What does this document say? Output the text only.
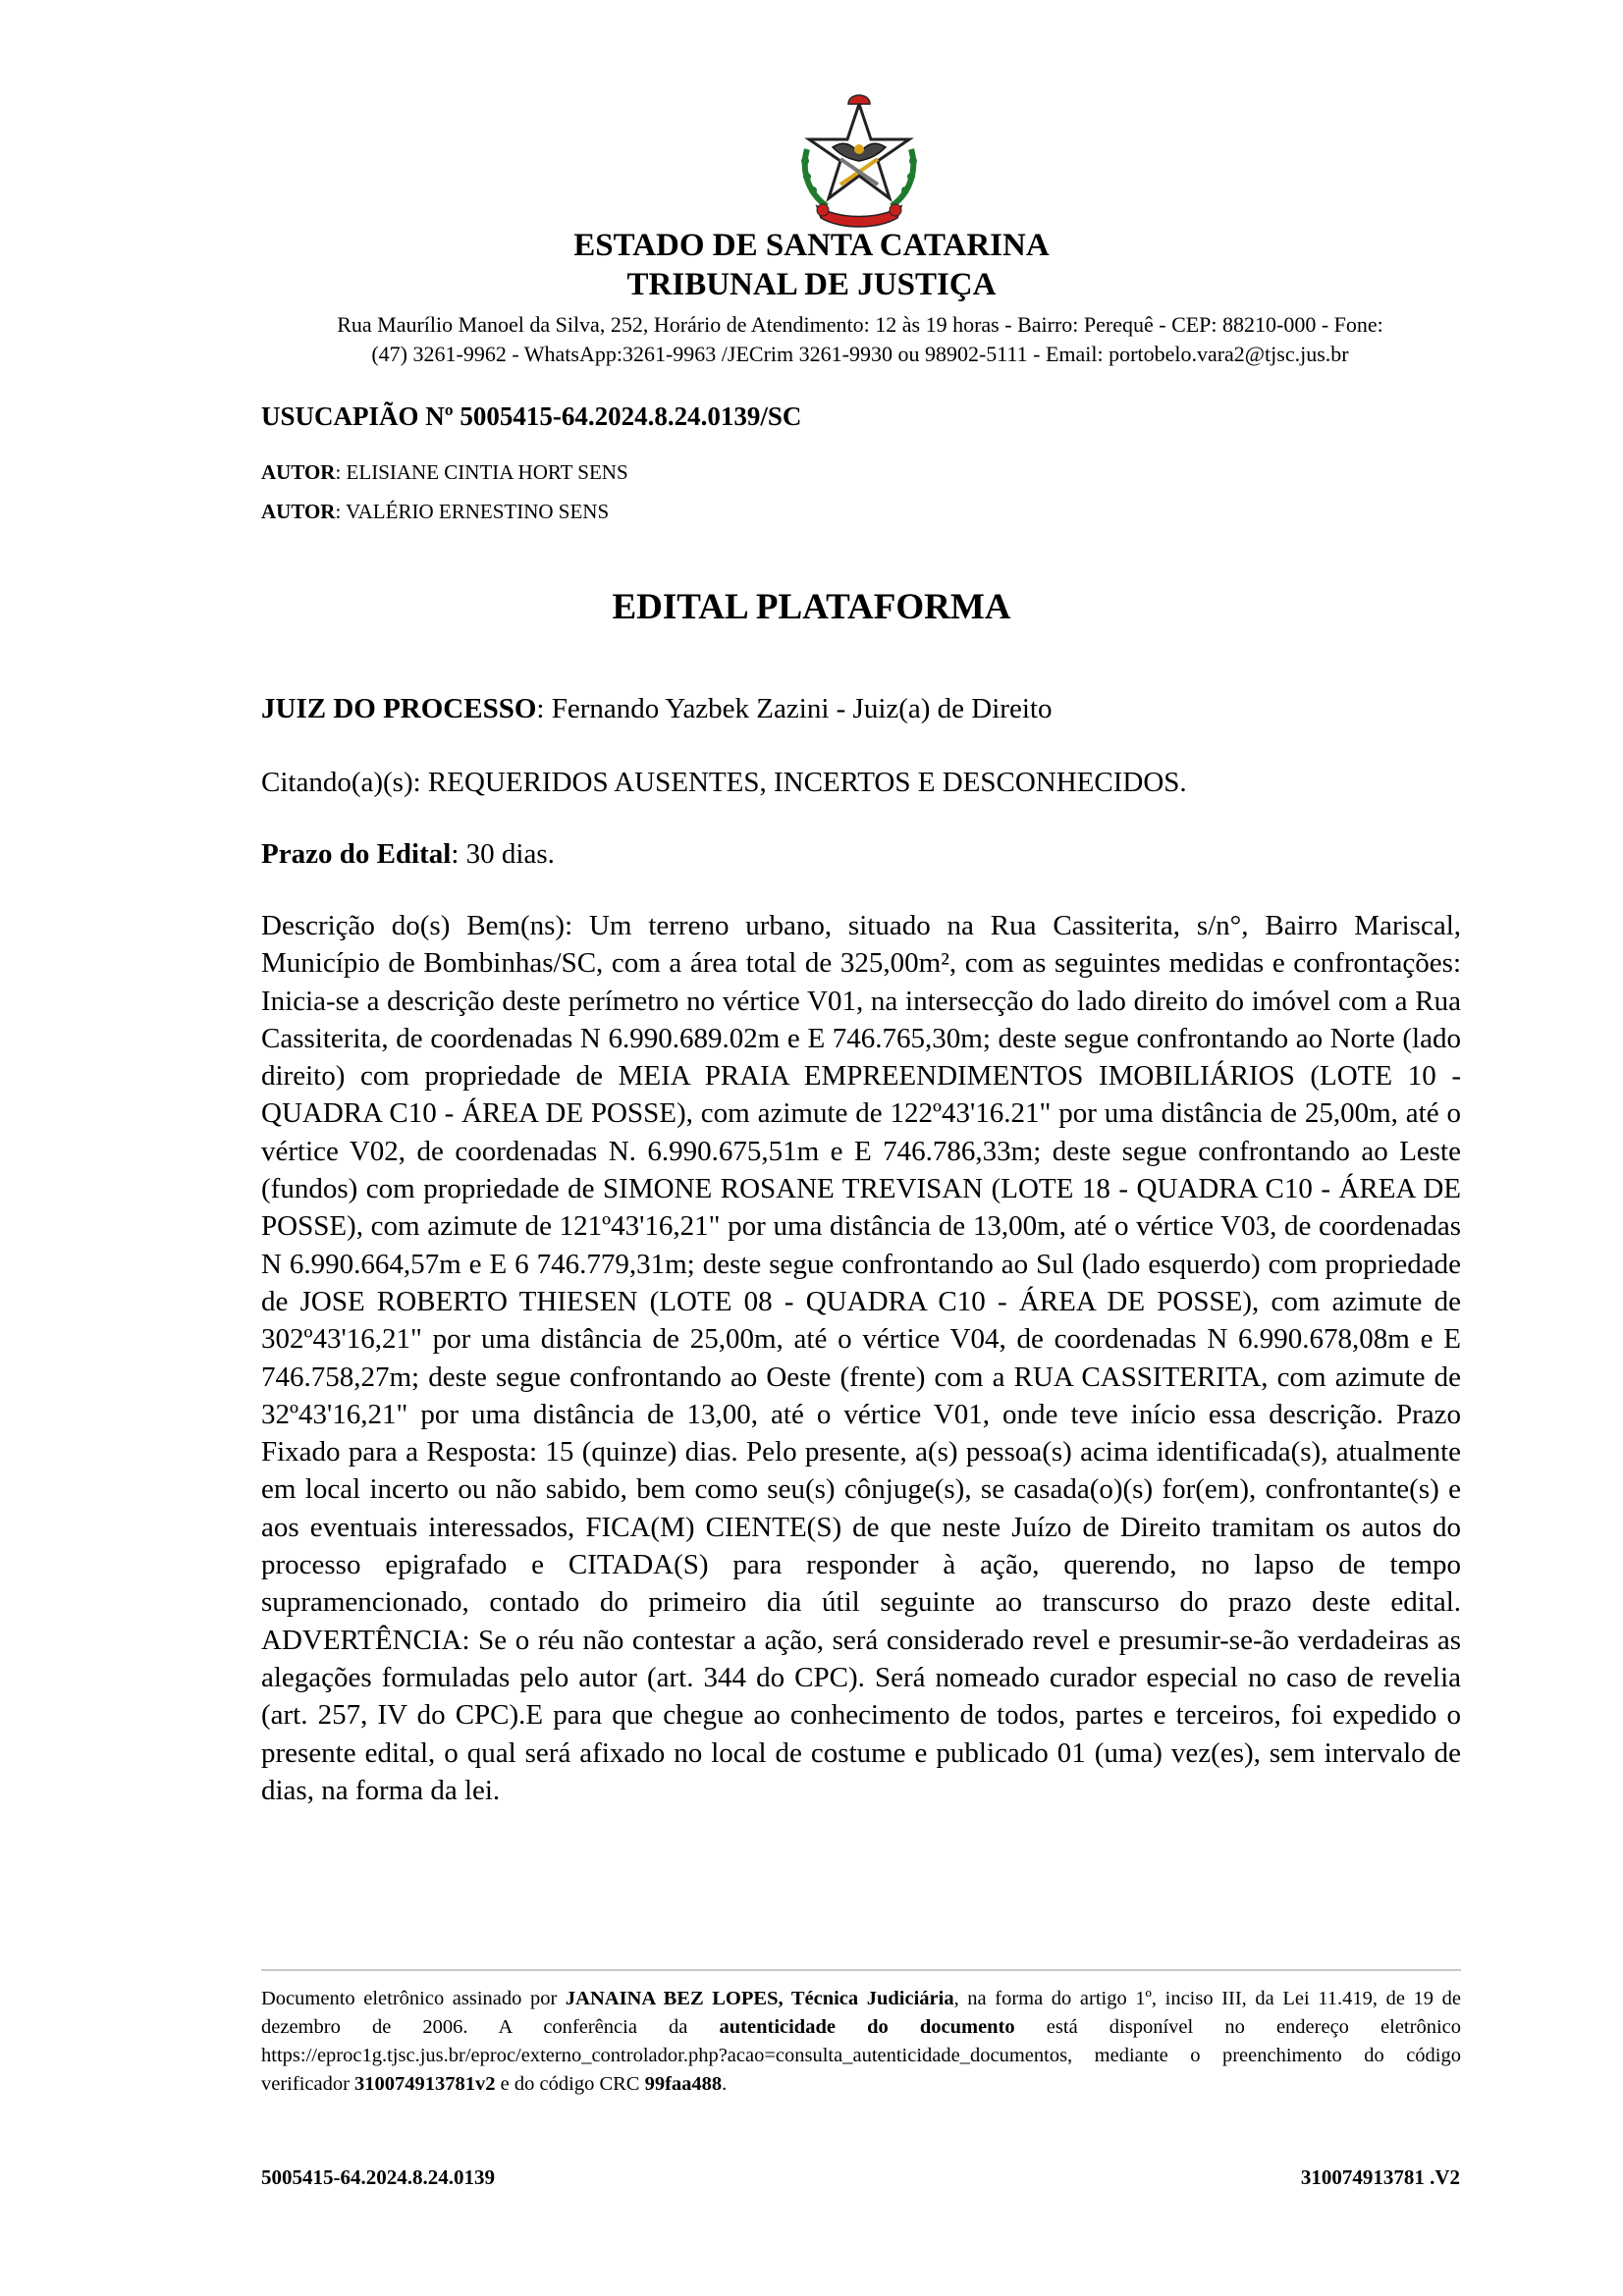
ESTADO DE SANTA CATARINA
TRIBUNAL DE JUSTIÇA
Rua Maurílio Manoel da Silva, 252, Horário de Atendimento: 12 às 19 horas - Bairro: Perequê - CEP: 88210-000 - Fone:
(47) 3261-9962 - WhatsApp:3261-9963 /JECrim 3261-9930 ou 98902-5111 - Email: portobelo.vara2@tjsc.jus.br
USUCAPIÃO Nº 5005415-64.2024.8.24.0139/SC
AUTOR: ELISIANE CINTIA HORT SENS
AUTOR: VALÉRIO ERNESTINO SENS
EDITAL PLATAFORMA
JUIZ DO PROCESSO: Fernando Yazbek Zazini - Juiz(a) de Direito
Citando(a)(s): REQUERIDOS AUSENTES, INCERTOS E DESCONHECIDOS.
Prazo do Edital: 30 dias.
Descrição do(s) Bem(ns): Um terreno urbano, situado na Rua Cassiterita, s/n°, Bairro Mariscal, Município de Bombinhas/SC, com a área total de 325,00m², com as seguintes medidas e confrontações: Inicia-se a descrição deste perímetro no vértice V01, na intersecção do lado direito do imóvel com a Rua Cassiterita, de coordenadas N 6.990.689.02m e E 746.765,30m; deste segue confrontando ao Norte (lado direito) com propriedade de MEIA PRAIA EMPREENDIMENTOS IMOBILIÁRIOS (LOTE 10 - QUADRA C10 - ÁREA DE POSSE), com azimute de 122º43'16.21" por uma distância de 25,00m, até o vértice V02, de coordenadas N. 6.990.675,51m e E 746.786,33m; deste segue confrontando ao Leste (fundos) com propriedade de SIMONE ROSANE TREVISAN (LOTE 18 - QUADRA C10 - ÁREA DE POSSE), com azimute de 121º43'16,21" por uma distância de 13,00m, até o vértice V03, de coordenadas N 6.990.664,57m e E 6 746.779,31m; deste segue confrontando ao Sul (lado esquerdo) com propriedade de JOSE ROBERTO THIESEN (LOTE 08 - QUADRA C10 - ÁREA DE POSSE), com azimute de 302º43'16,21" por uma distância de 25,00m, até o vértice V04, de coordenadas N 6.990.678,08m e E 746.758,27m; deste segue confrontando ao Oeste (frente) com a RUA CASSITERITA, com azimute de 32º43'16,21" por uma distância de 13,00, até o vértice V01, onde teve início essa descrição. Prazo Fixado para a Resposta: 15 (quinze) dias. Pelo presente, a(s) pessoa(s) acima identificada(s), atualmente em local incerto ou não sabido, bem como seu(s) cônjuge(s), se casada(o)(s) for(em), confrontante(s) e aos eventuais interessados, FICA(M) CIENTE(S) de que neste Juízo de Direito tramitam os autos do processo epigrafado e CITADA(S) para responder à ação, querendo, no lapso de tempo supramencionado, contado do primeiro dia útil seguinte ao transcurso do prazo deste edital. ADVERTÊNCIA: Se o réu não contestar a ação, será considerado revel e presumir-se-ão verdadeiras as alegações formuladas pelo autor (art. 344 do CPC). Será nomeado curador especial no caso de revelia (art. 257, IV do CPC).E para que chegue ao conhecimento de todos, partes e terceiros, foi expedido o presente edital, o qual será afixado no local de costume e publicado 01 (uma) vez(es), sem intervalo de dias, na forma da lei.
Documento eletrônico assinado por JANAINA BEZ LOPES, Técnica Judiciária, na forma do artigo 1º, inciso III, da Lei 11.419, de 19 de dezembro de 2006. A conferência da autenticidade do documento está disponível no endereço eletrônico https://eproc1g.tjsc.jus.br/eproc/externo_controlador.php?acao=consulta_autenticidade_documentos, mediante o preenchimento do código verificador 310074913781v2 e do código CRC 99faa488.
5005415-64.2024.8.24.0139	310074913781 .V2
